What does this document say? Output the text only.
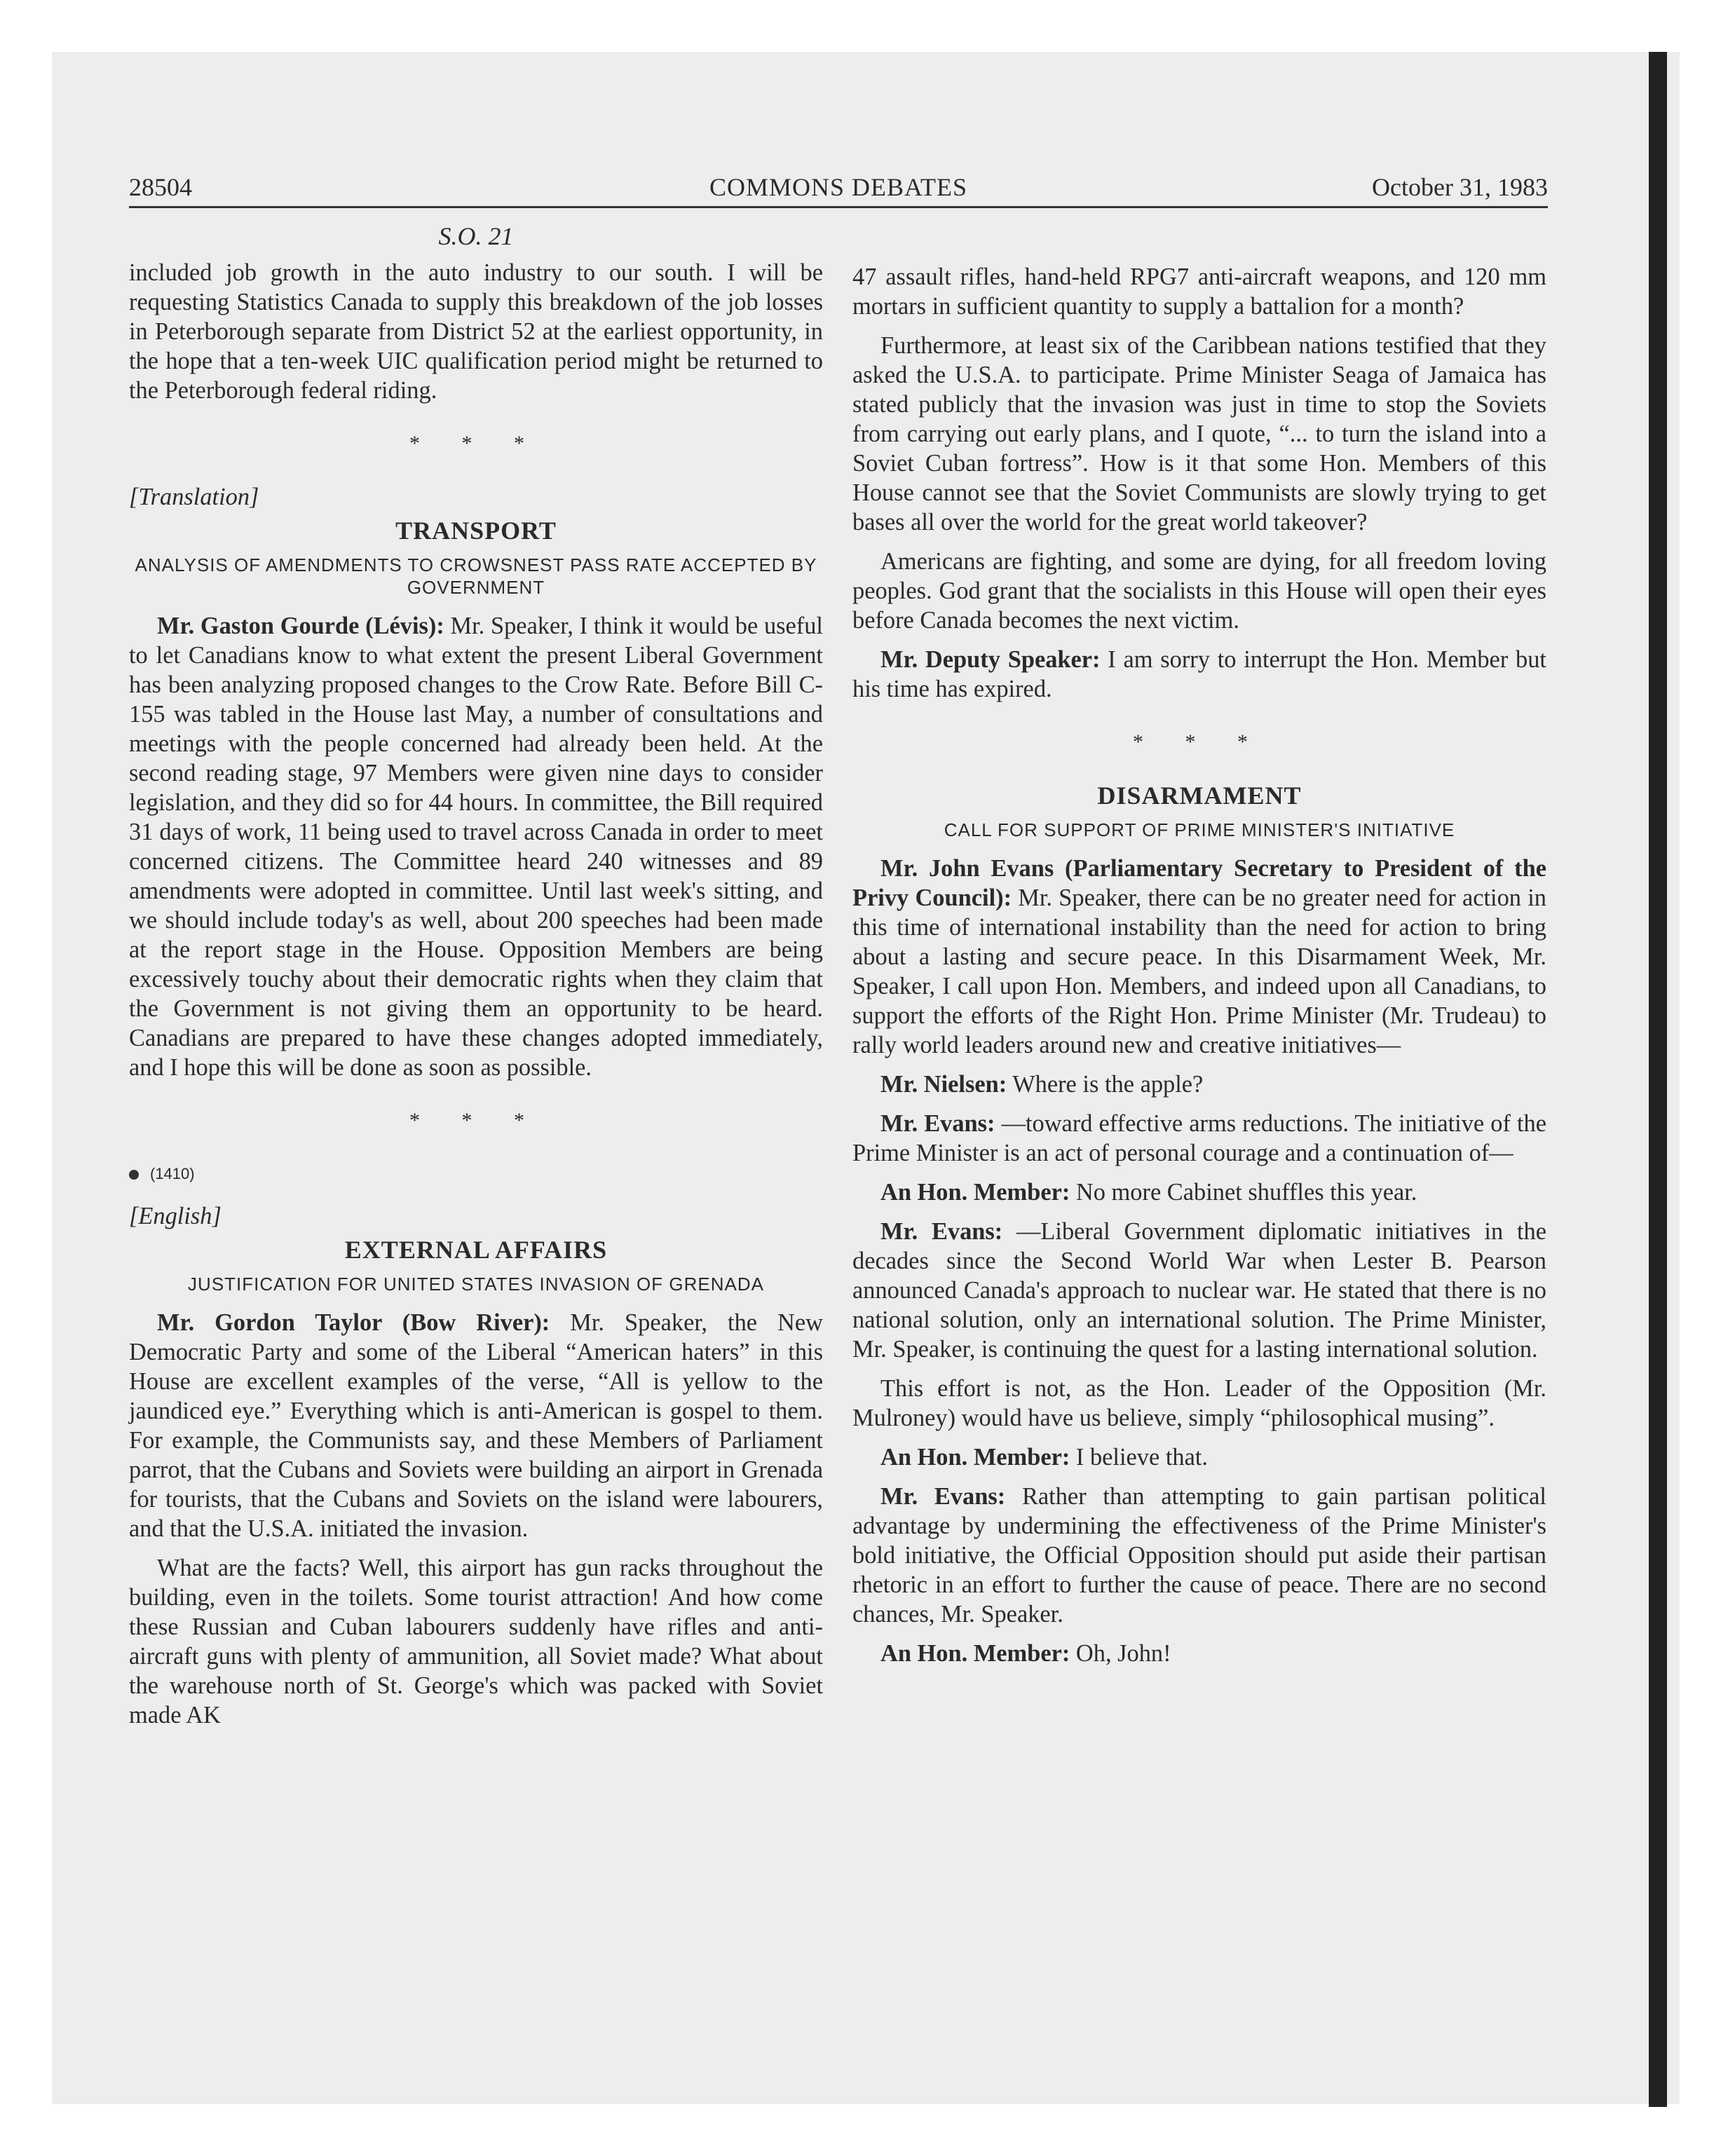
28504	COMMONS DEBATES	October 31, 1983
S.O. 21

included job growth in the auto industry to our south. I will be requesting Statistics Canada to supply this breakdown of the job losses in Peterborough separate from District 52 at the earliest opportunity, in the hope that a ten-week UIC qualification period might be returned to the Peterborough federal riding.

* * *
[Translation]
TRANSPORT
ANALYSIS OF AMENDMENTS TO CROWSNEST PASS RATE ACCEPTED BY GOVERNMENT

Mr. Gaston Gourde (Lévis): Mr. Speaker, I think it would be useful to let Canadians know to what extent the present Liberal Government has been analyzing proposed changes to the Crow Rate. Before Bill C-155 was tabled in the House last May, a number of consultations and meetings with the people concerned had already been held. At the second reading stage, 97 Members were given nine days to consider legislation, and they did so for 44 hours. In committee, the Bill required 31 days of work, 11 being used to travel across Canada in order to meet concerned citizens. The Committee heard 240 witnesses and 89 amendments were adopted in committee. Until last week's sitting, and we should include today's as well, about 200 speeches had been made at the report stage in the House. Opposition Members are being excessively touchy about their democratic rights when they claim that the Government is not giving them an opportunity to be heard. Canadians are prepared to have these changes adopted immediately, and I hope this will be done as soon as possible.

* * *
(1410)
[English]
EXTERNAL AFFAIRS
JUSTIFICATION FOR UNITED STATES INVASION OF GRENADA

Mr. Gordon Taylor (Bow River): Mr. Speaker, the New Democratic Party and some of the Liberal “American haters” in this House are excellent examples of the verse, “All is yellow to the jaundiced eye.” Everything which is anti-American is gospel to them. For example, the Communists say, and these Members of Parliament parrot, that the Cubans and Soviets were building an airport in Grenada for tourists, that the Cubans and Soviets on the island were labourers, and that the U.S.A. initiated the invasion.

What are the facts? Well, this airport has gun racks throughout the building, even in the toilets. Some tourist attraction! And how come these Russian and Cuban labourers suddenly have rifles and anti-aircraft guns with plenty of ammunition, all Soviet made? What about the warehouse north of St. George's which was packed with Soviet made AK

47 assault rifles, hand-held RPG7 anti-aircraft weapons, and 120 mm mortars in sufficient quantity to supply a battalion for a month?

Furthermore, at least six of the Caribbean nations testified that they asked the U.S.A. to participate. Prime Minister Seaga of Jamaica has stated publicly that the invasion was just in time to stop the Soviets from carrying out early plans, and I quote, “... to turn the island into a Soviet Cuban fortress”. How is it that some Hon. Members of this House cannot see that the Soviet Communists are slowly trying to get bases all over the world for the great world takeover?

Americans are fighting, and some are dying, for all freedom loving peoples. God grant that the socialists in this House will open their eyes before Canada becomes the next victim.

Mr. Deputy Speaker: I am sorry to interrupt the Hon. Member but his time has expired.

* * *
DISARMAMENT
CALL FOR SUPPORT OF PRIME MINISTER'S INITIATIVE

Mr. John Evans (Parliamentary Secretary to President of the Privy Council): Mr. Speaker, there can be no greater need for action in this time of international instability than the need for action to bring about a lasting and secure peace. In this Disarmament Week, Mr. Speaker, I call upon Hon. Members, and indeed upon all Canadians, to support the efforts of the Right Hon. Prime Minister (Mr. Trudeau) to rally world leaders around new and creative initiatives—

Mr. Nielsen: Where is the apple?

Mr. Evans: —toward effective arms reductions. The initiative of the Prime Minister is an act of personal courage and a continuation of—

An Hon. Member: No more Cabinet shuffles this year.

Mr. Evans: —Liberal Government diplomatic initiatives in the decades since the Second World War when Lester B. Pearson announced Canada's approach to nuclear war. He stated that there is no national solution, only an international solution. The Prime Minister, Mr. Speaker, is continuing the quest for a lasting international solution.

This effort is not, as the Hon. Leader of the Opposition (Mr. Mulroney) would have us believe, simply “philosophical musing”.

An Hon. Member: I believe that.

Mr. Evans: Rather than attempting to gain partisan political advantage by undermining the effectiveness of the Prime Minister's bold initiative, the Official Opposition should put aside their partisan rhetoric in an effort to further the cause of peace. There are no second chances, Mr. Speaker.

An Hon. Member: Oh, John!
